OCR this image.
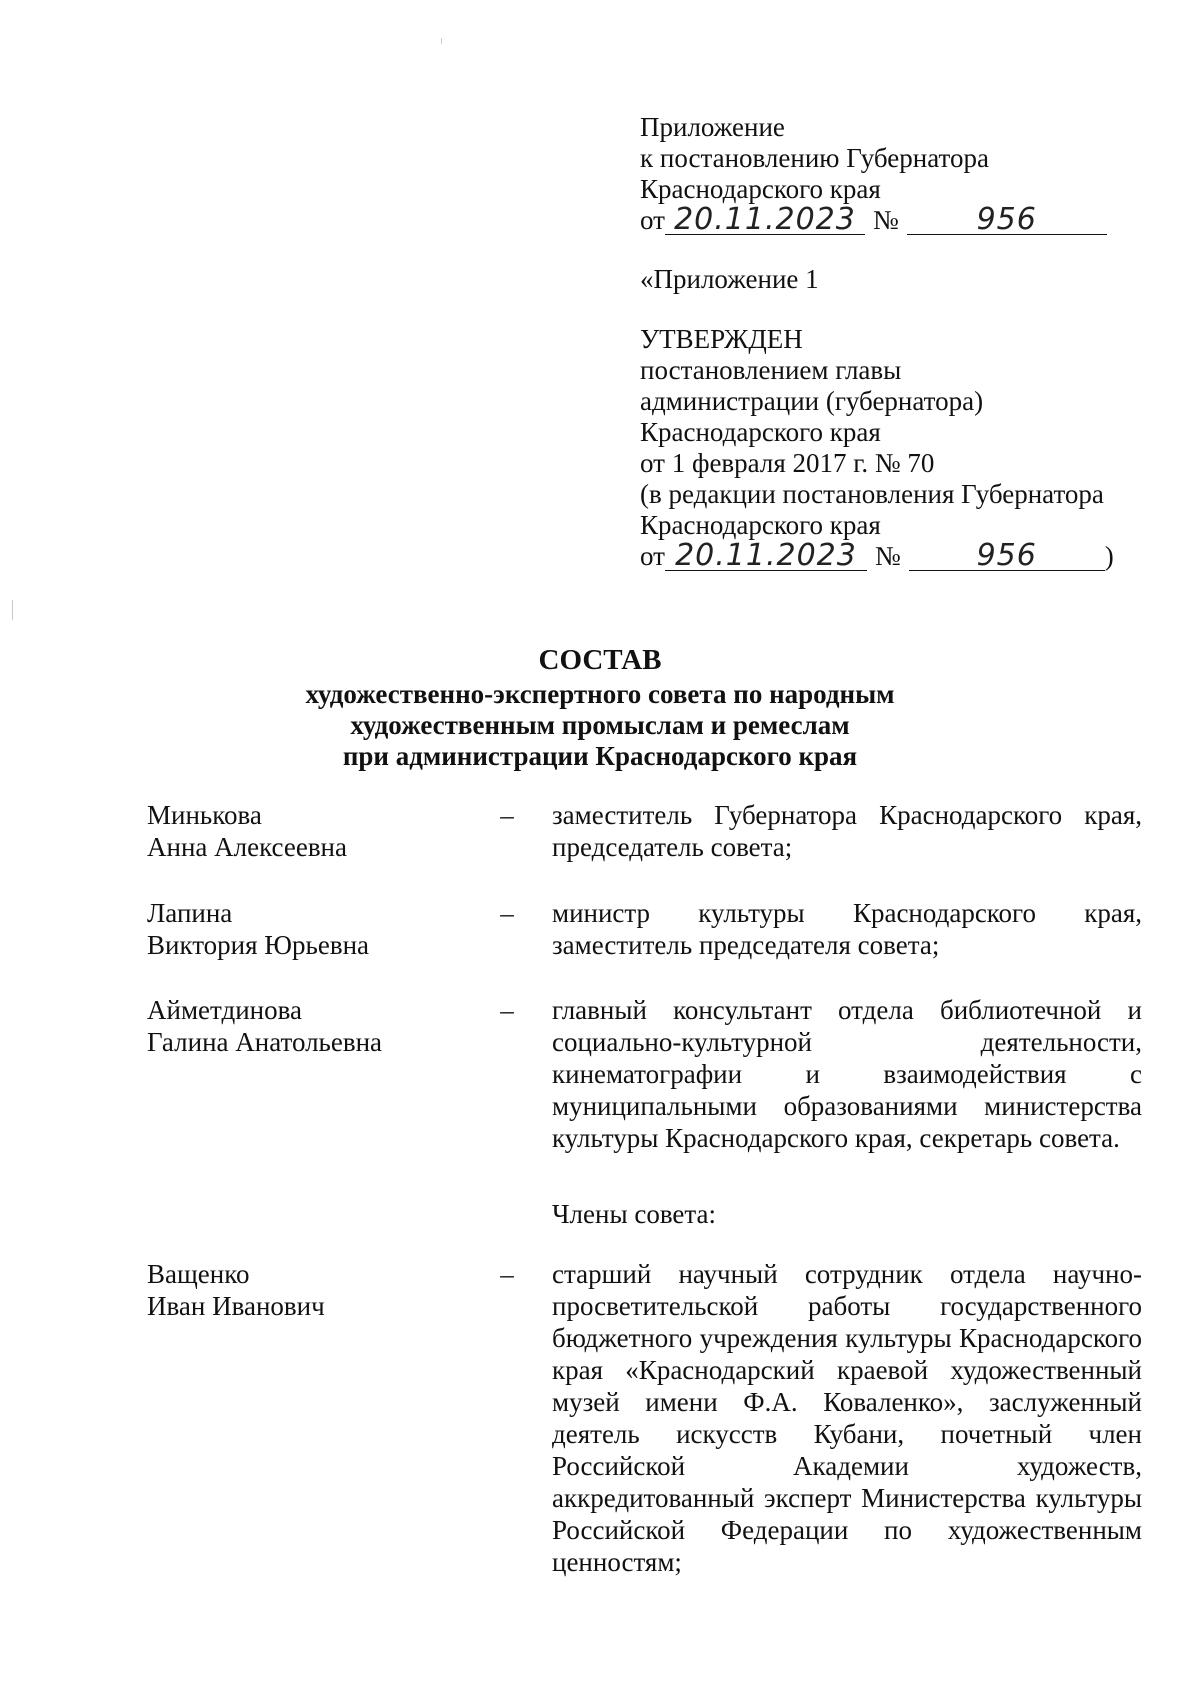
Приложение
к постановлению Губернатора
Краснодарского края
от 20.11.2023 №	956
«Приложение 1
УТВЕРЖДЕН
постановлением главы
администрации (губернатора)
Краснодарского края
от 1 февраля 2017 г. № 70
(в редакции постановления Губернатора
Краснодарского края
от 20.11.2023 №	956	)
СОСТАВ
художественно-экспертного совета по народным
художественным промыслам и ремеслам
при администрации Краснодарского края
Минькова
Анна Алексеевна
– заместитель Губернатора Краснодарского края, председатель совета;
Лапина
Виктория Юрьевна
– министр культуры Краснодарского края, заместитель председателя совета;
Айметдинова
Галина Анатольевна
– главный консультант отдела библиотечной и социально-культурной деятельности, кинематографии и взаимодействия с муниципальными образованиями министерства культуры Краснодарского края, секретарь совета.
Члены совета:
Ващенко
Иван Иванович
– старший научный сотрудник отдела научно-просветительской работы государственного бюджетного учреждения культуры Краснодарского края «Краснодарский краевой художественный музей имени Ф.А. Коваленко», заслуженный деятель искусств Кубани, почетный член Российской Академии художеств, аккредитованный эксперт Министерства культуры Российской Федерации по художественным ценностям;
